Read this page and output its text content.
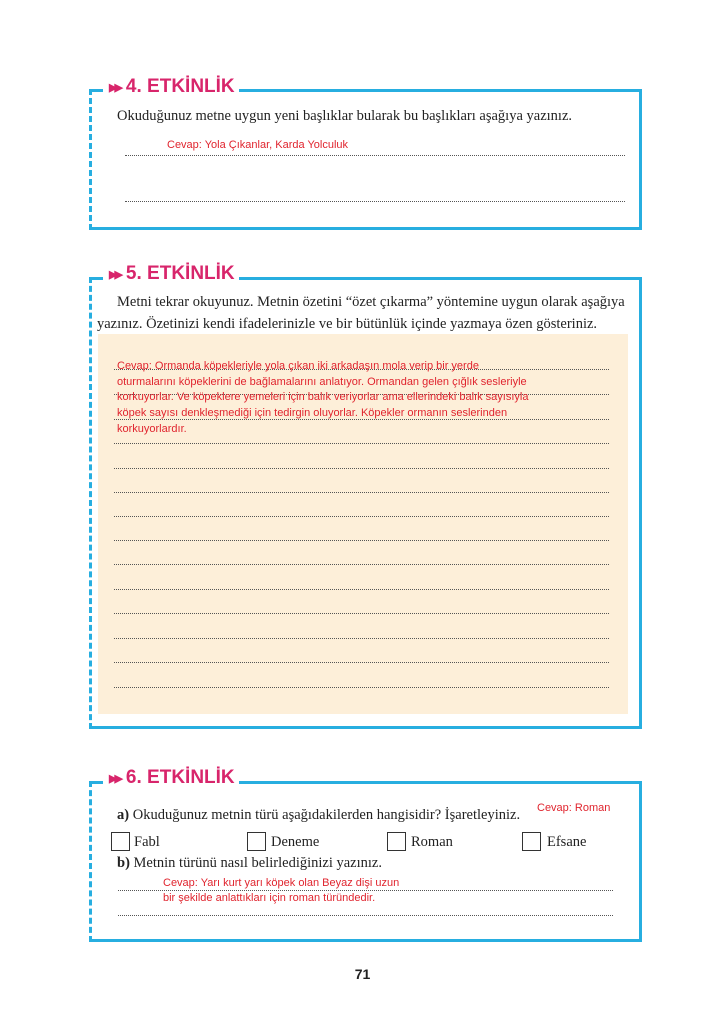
▶▶ 4. ETKİNLİK
Okuduğunuz metne uygun yeni başlıklar bularak bu başlıkları aşağıya yazınız.
Cevap: Yola Çıkanlar, Karda Yolculuk
▶▶ 5. ETKİNLİK
Metni tekrar okuyunuz. Metnin özetini “özet çıkarma” yöntemine uygun olarak aşağıya
yazınız. Özetinizi kendi ifadelerinizle ve bir bütünlük içinde yazmaya özen gösteriniz.
Cevap: Ormanda köpekleriyle yola çıkan iki arkadaşın mola verip bir yerde
oturmalarını köpeklerini de bağlamalarını anlatıyor. Ormandan gelen çığlık sesleriyle
korkuyorlar. Ve köpeklere yemeleri için balık veriyorlar ama ellerindeki balık sayısıyla
köpek sayısı denkleşmediği için tedirgin oluyorlar. Köpekler ormanın seslerinden
korkuyorlardır.
▶▶ 6. ETKİNLİK
a) Okuduğunuz metnin türü aşağıdakilerden hangisidir? İşaretleyiniz. Cevap: Roman
Fabl	Deneme	Roman	Efsane
b) Metnin türünü nasıl belirlediğinizi yazınız.
Cevap: Yarı kurt yarı köpek olan Beyaz dişi uzun
bir şekilde anlattıkları için roman türündedir.
71
